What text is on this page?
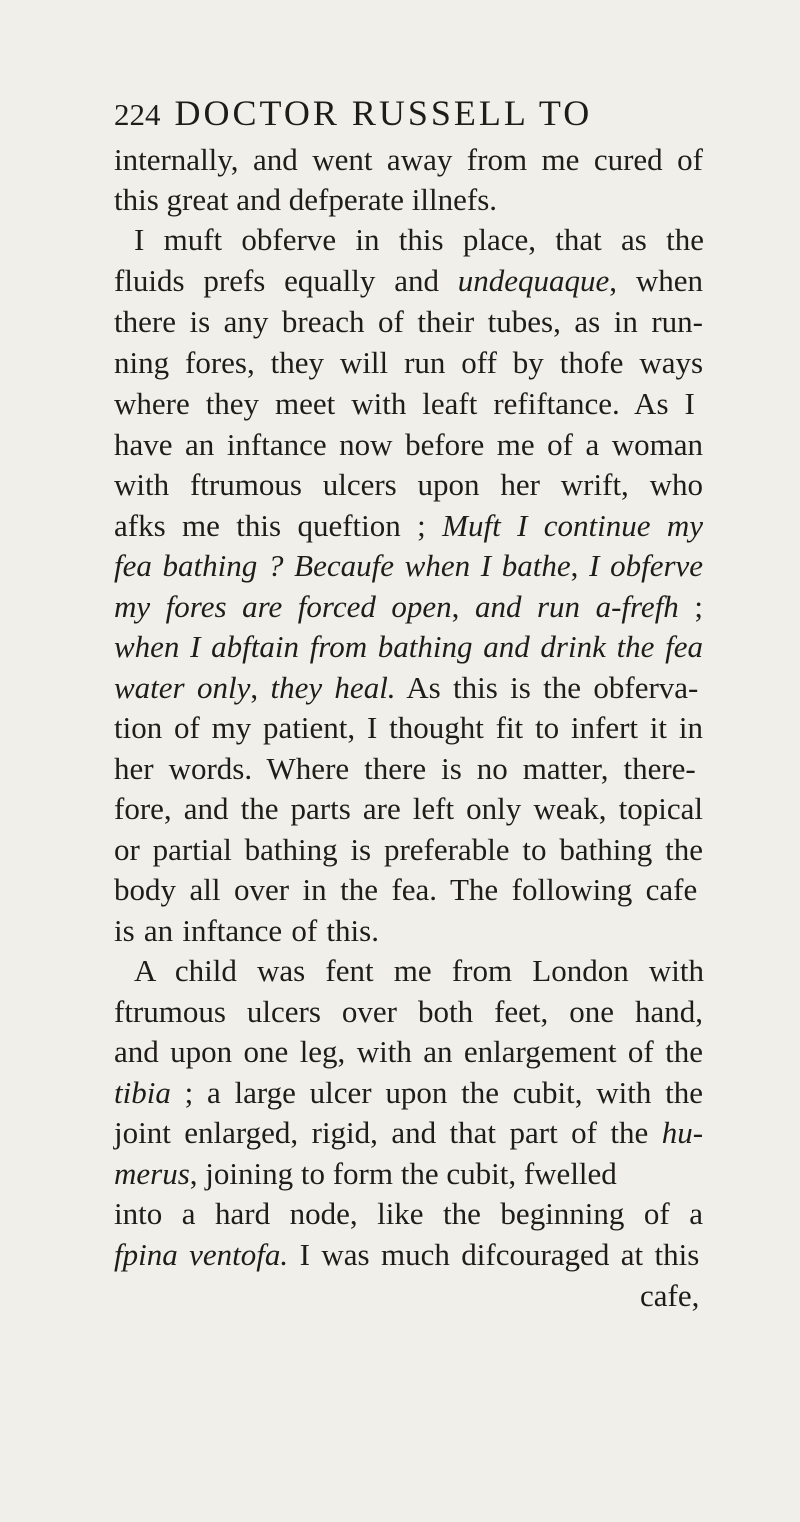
224 DOCTOR RUSSELL TO
internally, and went away from me cured of
this great and defperate illnefs.
I muft obferve in this place, that as the
fluids prefs equally and undequaque, when
there is any breach of their tubes, as in run-
ning fores, they will run off by thofe ways
where they meet with leaft refiftance. As I
have an inftance now before me of a woman
with ftrumous ulcers upon her wrift, who
afks me this queftion ; Muft I continue my
fea bathing ? Becaufe when I bathe, I obferve
my fores are forced open, and run a-frefh ;
when I abftain from bathing and drink the fea
water only, they heal. As this is the obferva-
tion of my patient, I thought fit to infert it in
her words. Where there is no matter, there-
fore, and the parts are left only weak, topical
or partial bathing is preferable to bathing the
body all over in the fea. The following cafe
is an inftance of this.
A child was fent me from London with
ftrumous ulcers over both feet, one hand,
and upon one leg, with an enlargement of the
tibia ; a large ulcer upon the cubit, with the
joint enlarged, rigid, and that part of the hu-
merus, joining to form the cubit, fwelled
into a hard node, like the beginning of a
fpina ventofa. I was much difcouraged at this
cafe,
